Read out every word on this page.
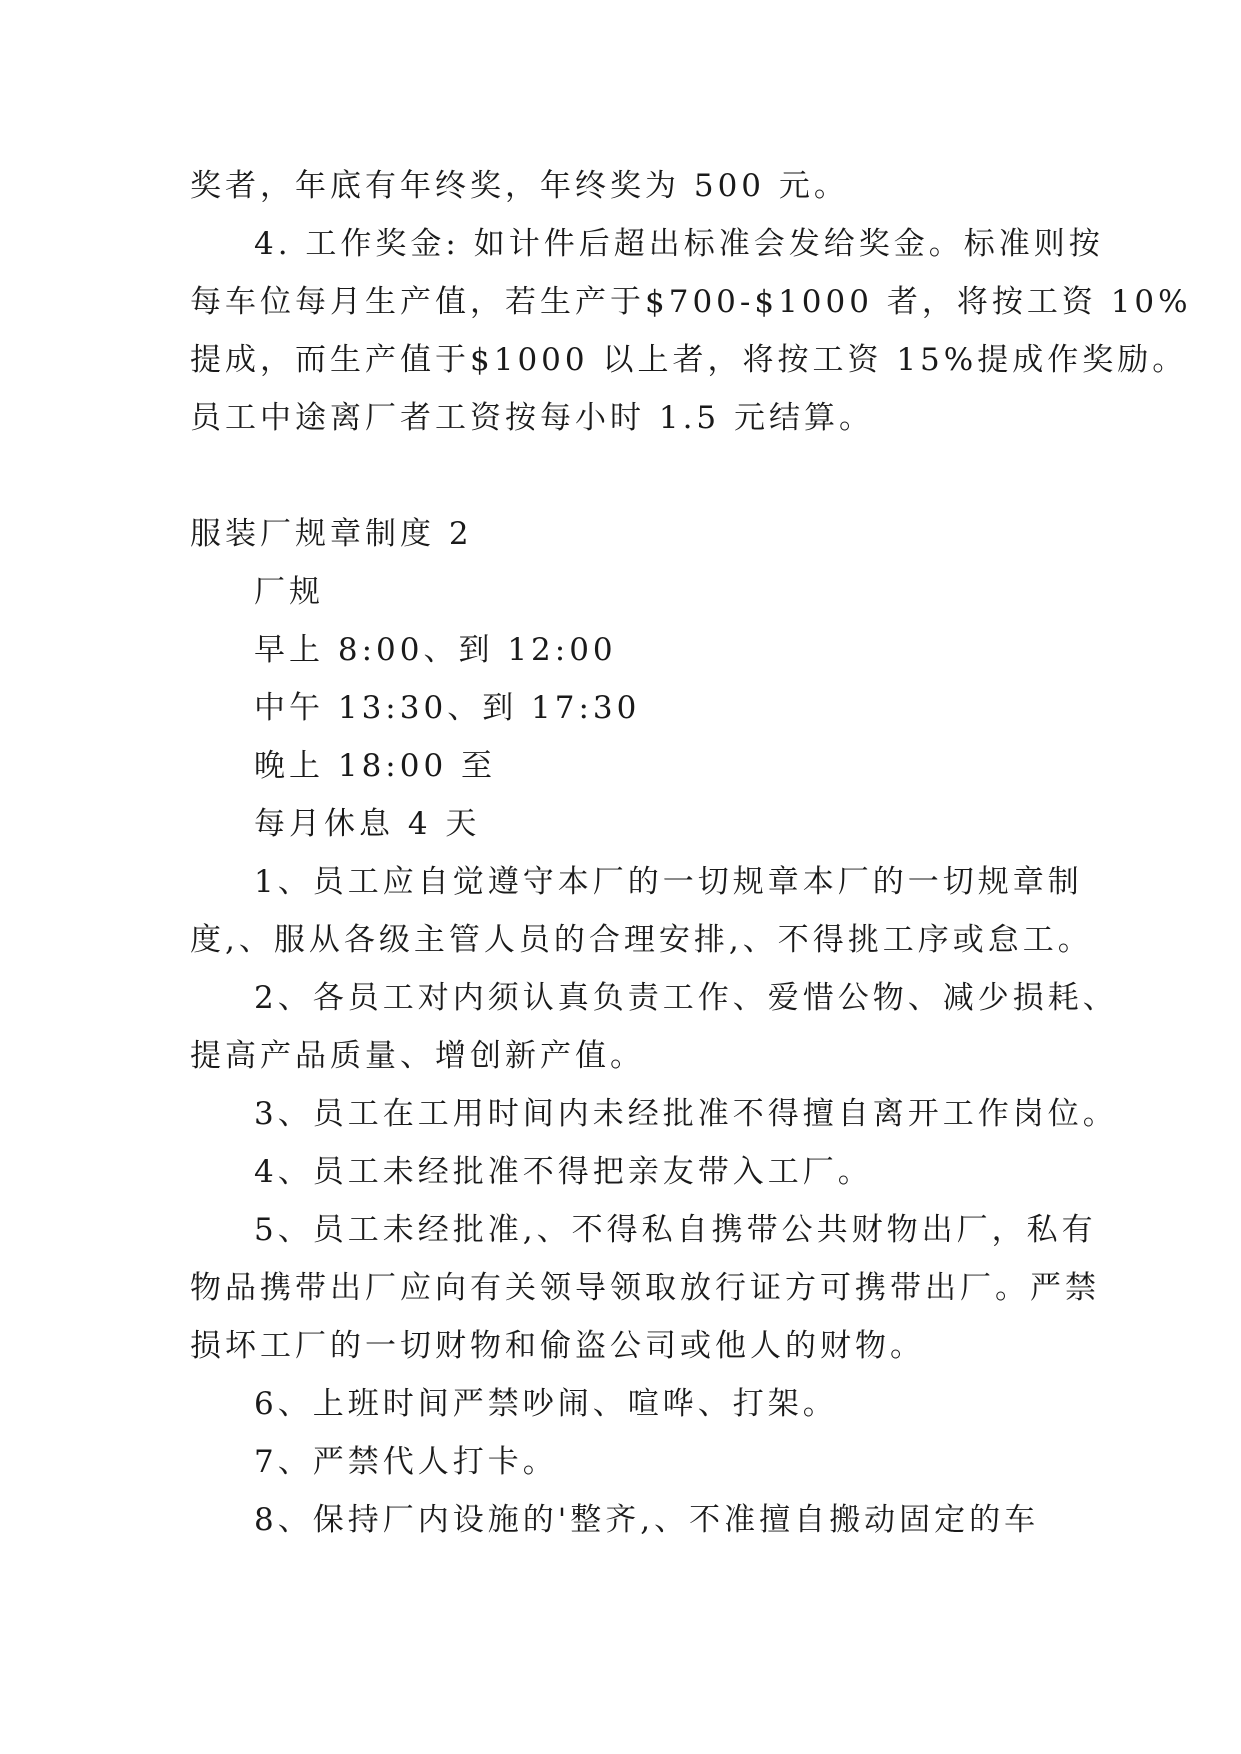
奖者，年底有年终奖，年终奖为 500 元。

4. 工作奖金: 如计件后超出标准会发给奖金。标准则按

每车位每月生产值，若生产于$700-$1000 者，将按工资 10%

提成，而生产值于$1000 以上者，将按工资 15%提成作奖励。

员工中途离厂者工资按每小时 1.5 元结算。

服装厂规章制度 2

厂规

早上 8:00、到 12:00

中午 13:30、到 17:30

晚上 18:00 至

每月休息 4 天

1、员工应自觉遵守本厂的一切规章本厂的一切规章制

度,、服从各级主管人员的合理安排,、不得挑工序或怠工。

2、各员工对内须认真负责工作、爱惜公物、减少损耗、

提高产品质量、增创新产值。

3、员工在工用时间内未经批准不得擅自离开工作岗位。

4、员工未经批准不得把亲友带入工厂。

5、员工未经批准,、不得私自携带公共财物出厂，私有

物品携带出厂应向有关领导领取放行证方可携带出厂。严禁

损坏工厂的一切财物和偷盗公司或他人的财物。

6、上班时间严禁吵闹、喧哗、打架。

7、严禁代人打卡。

8、保持厂内设施的'整齐,、不准擅自搬动固定的车
